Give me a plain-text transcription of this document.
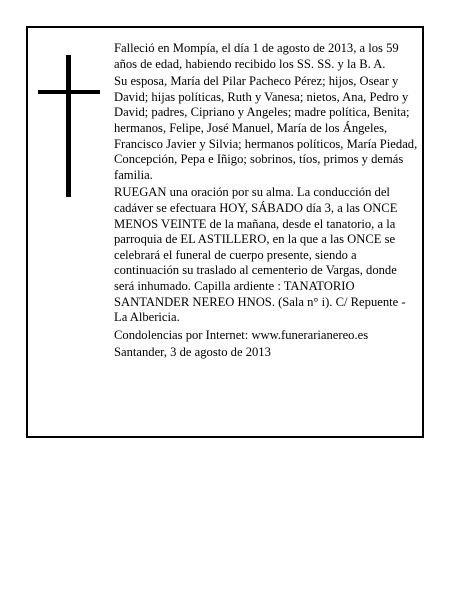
Falleció en Mompía, el día 1 de agosto de 2013, a los 59 años de edad, habiendo recibido los SS. SS. y la B. A.

Su esposa, María del Pilar Pacheco Pérez; hijos, Osear y David; hijas políticas, Ruth y Vanesa; nietos, Ana, Pedro y David; padres, Cipriano y Angeles; madre política, Benita; hermanos, Felipe, José Manuel, María de los Ángeles, Francisco Javier y Silvia; hermanos políticos, María Piedad, Concepción, Pepa e Iñigo; sobrinos, tíos, primos y demás familia.

RUEGAN una oración por su alma. La conducción del cadáver se efectuara HOY, SÁBADO día 3, a las ONCE MENOS VEINTE de la mañana, desde el tanatorio, a la parroquia de EL ASTILLERO, en la que a las ONCE se celebrará el funeral de cuerpo presente, siendo a continuación su traslado al cementerio de Vargas, donde será inhumado. Capilla ardiente : TANATORIO SANTANDER NEREO HNOS. (Sala n° i). C/ Repuente - La Albericia.

Condolencias por Internet: www.funerarianereo.es

Santander, 3 de agosto de 2013
